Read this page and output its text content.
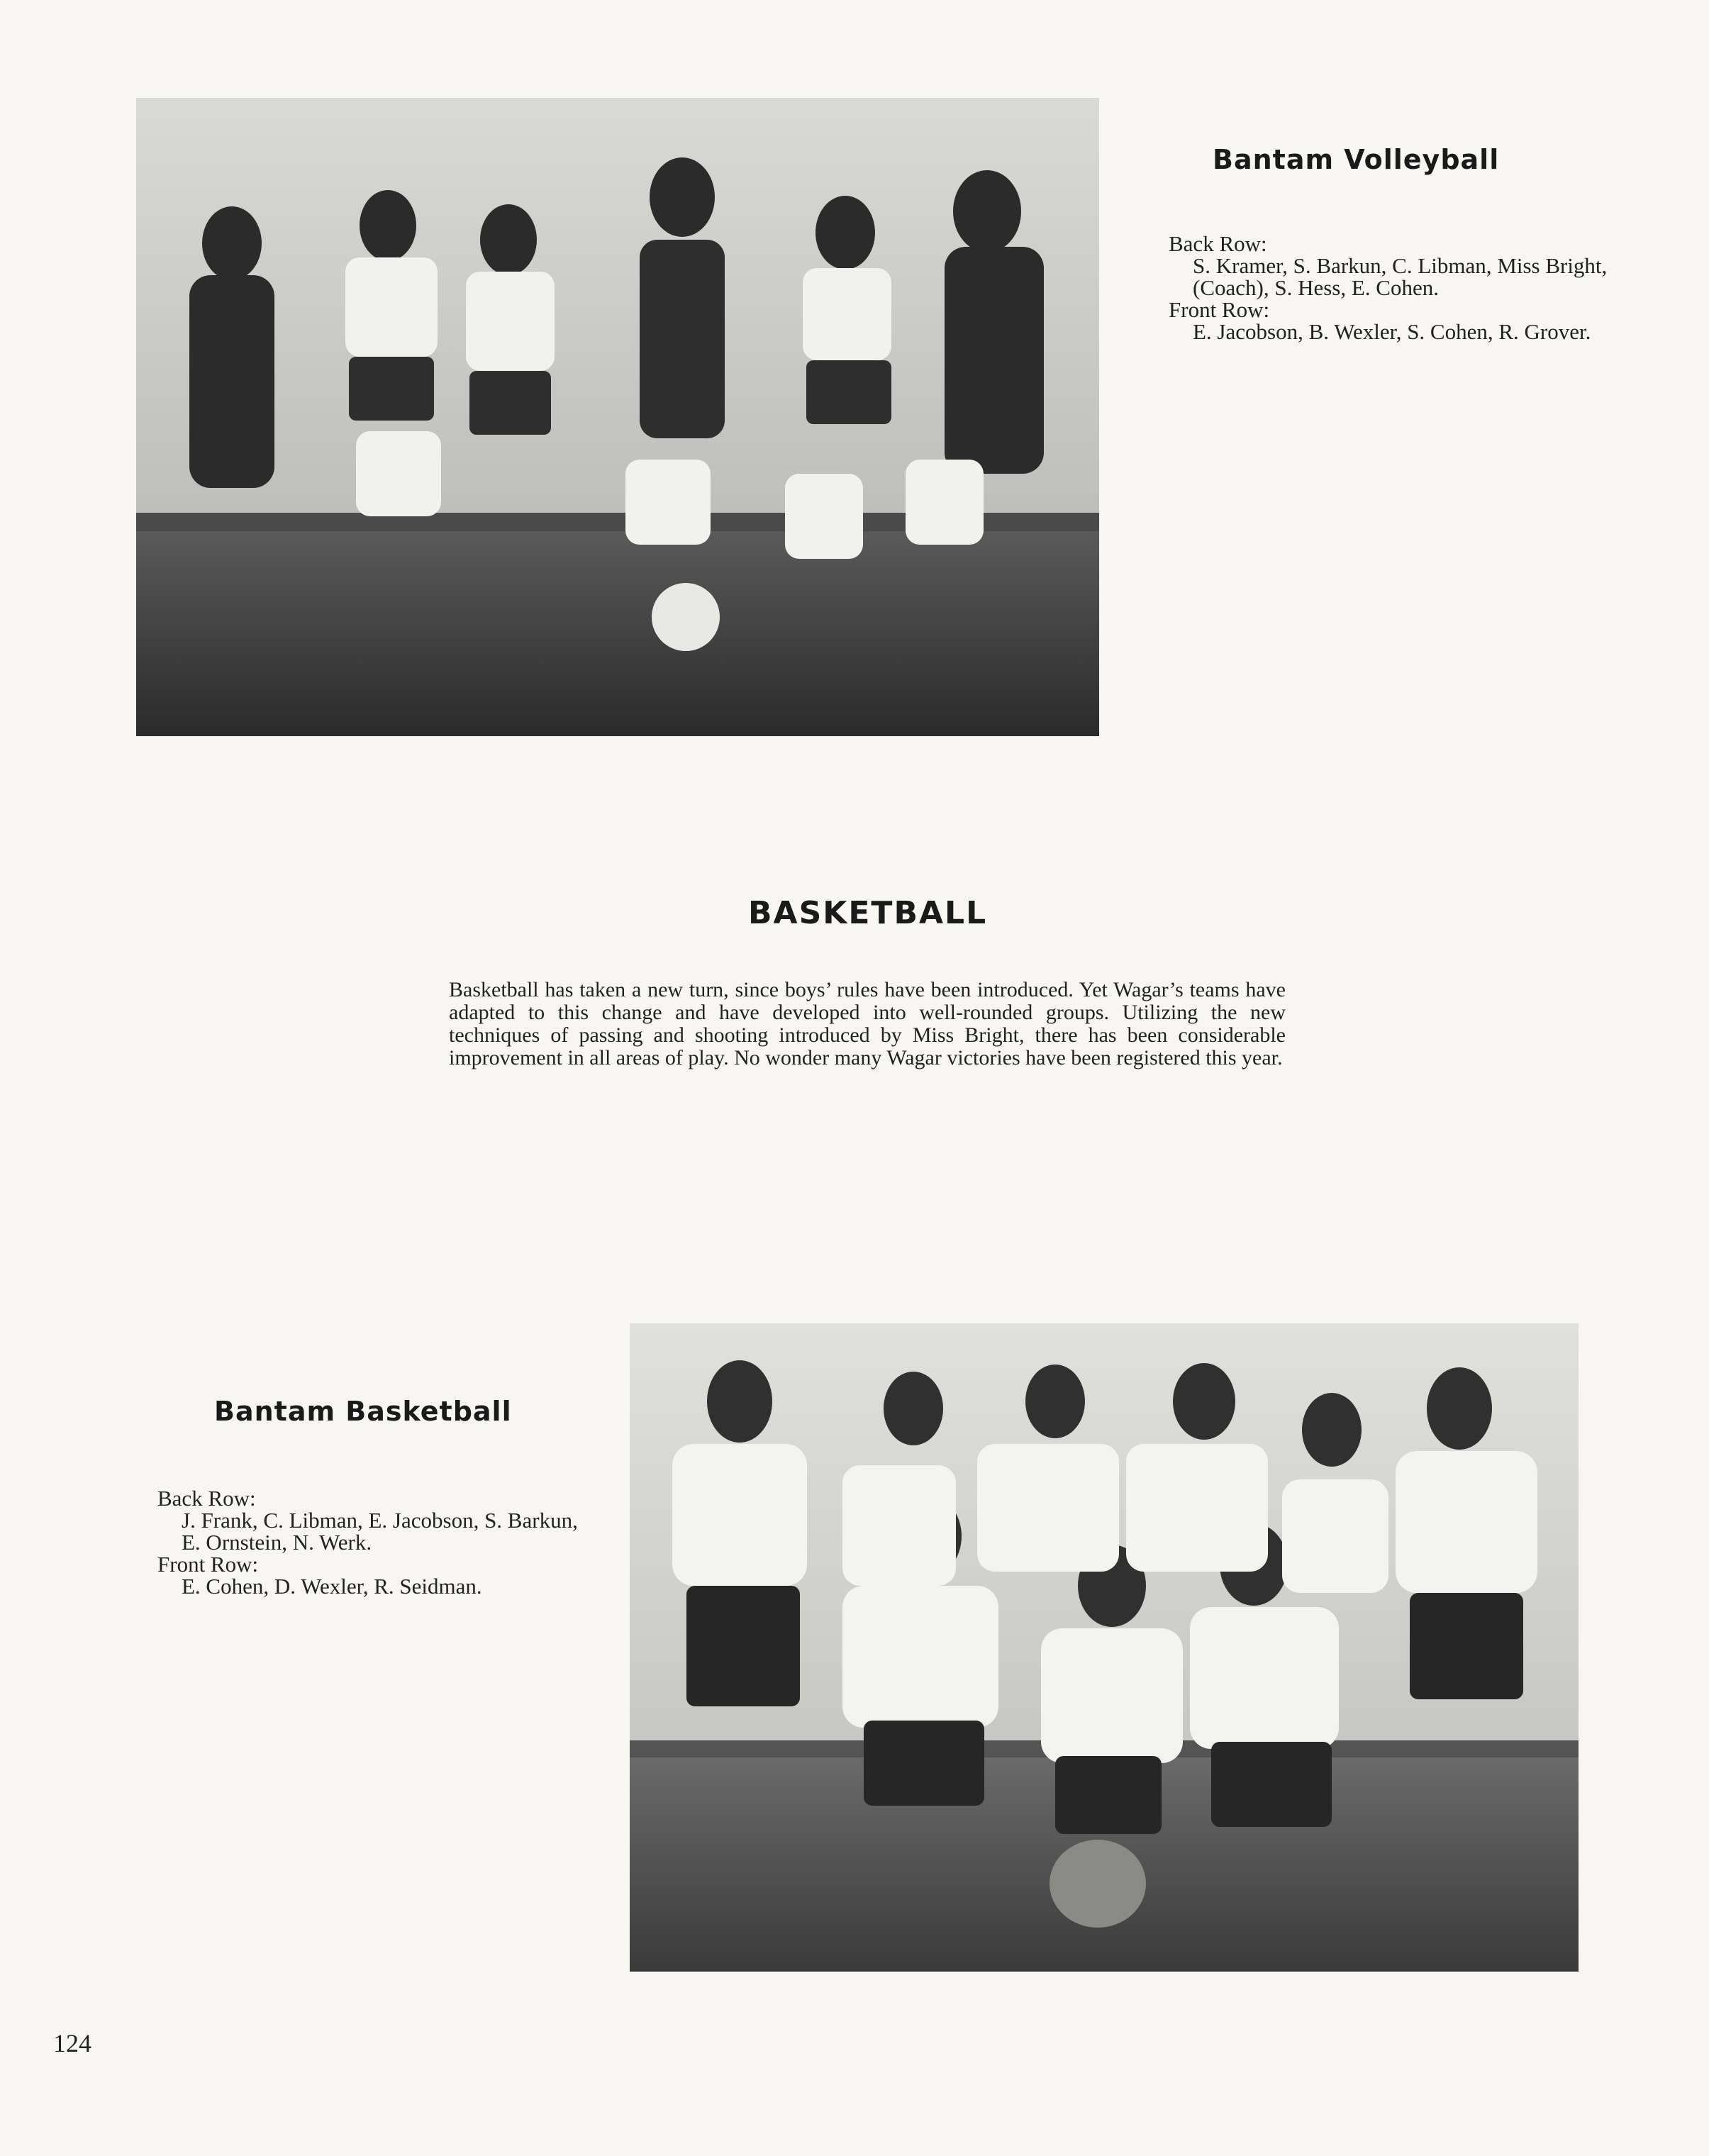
Bantam Volleyball
Back Row:
S. Kramer, S. Barkun, C. Libman, Miss Bright, (Coach), S. Hess, E. Cohen.
Front Row:
E. Jacobson, B. Wexler, S. Cohen, R. Grover.
BASKETBALL

Basketball has taken a new turn, since boys’ rules have been introduced. Yet Wagar’s teams have adapted to this change and have developed into well-rounded groups. Utilizing the new techniques of passing and shooting introduced by Miss Bright, there has been considerable improvement in all areas of play. No wonder many Wagar victories have been registered this year.

Bantam Basketball
Back Row:
J. Frank, C. Libman, E. Jacobson, S. Barkun, E. Ornstein, N. Werk.
Front Row:
E. Cohen, D. Wexler, R. Seidman.
124
